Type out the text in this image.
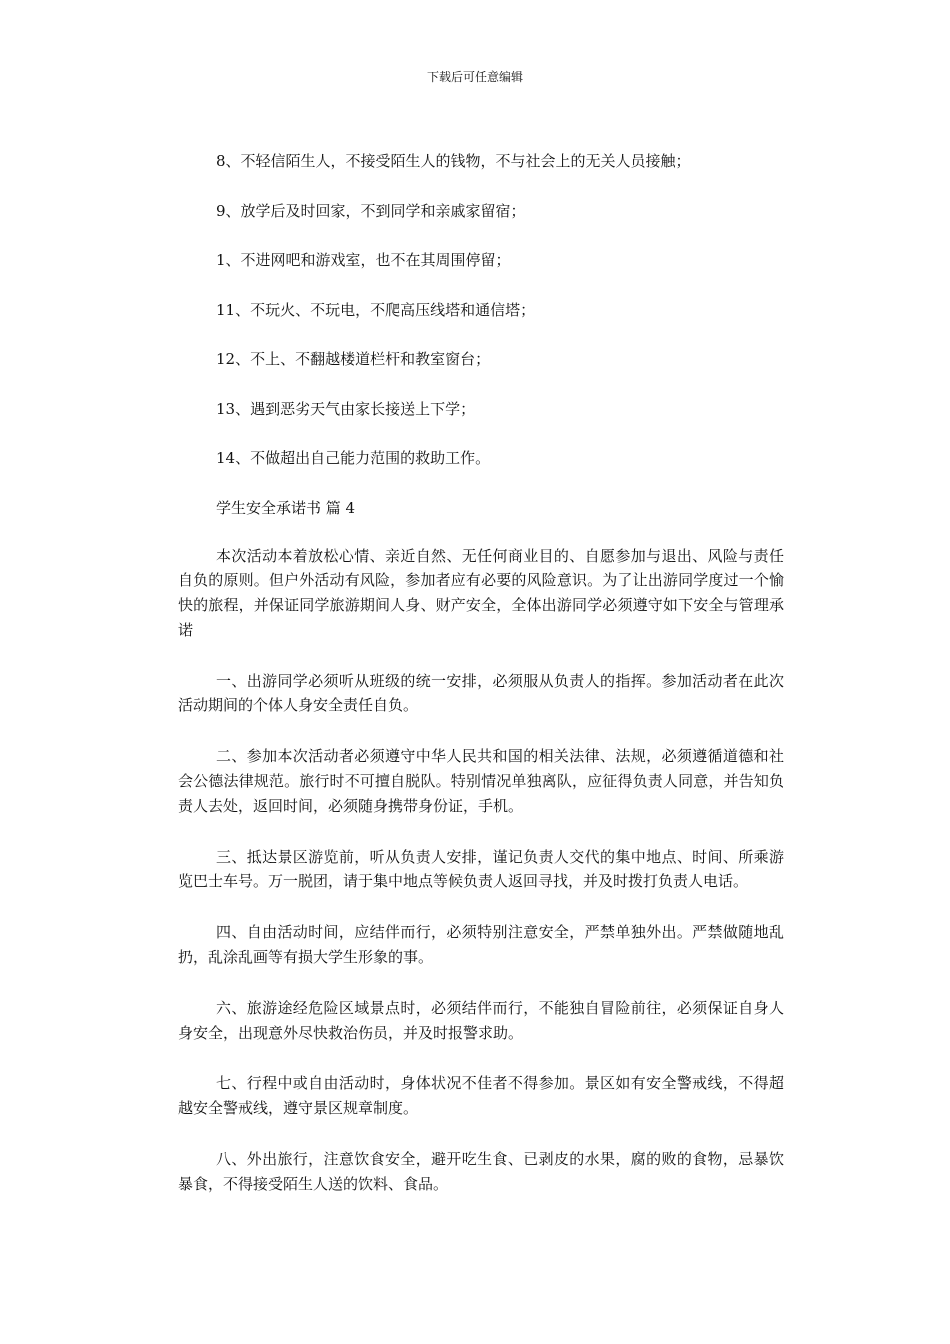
下载后可任意编辑

8、不轻信陌生人，不接受陌生人的钱物，不与社会上的无关人员接触；

9、放学后及时回家，不到同学和亲戚家留宿；

1、不进网吧和游戏室，也不在其周围停留；

11、不玩火、不玩电，不爬高压线塔和通信塔；

12、不上、不翻越楼道栏杆和教室窗台；

13、遇到恶劣天气由家长接送上下学；

14、不做超出自己能力范围的救助工作。

学生安全承诺书 篇 4

本次活动本着放松心情、亲近自然、无任何商业目的、自愿参加与退出、风险与责任自负的原则。但户外活动有风险，参加者应有必要的风险意识。为了让出游同学度过一个愉快的旅程，并保证同学旅游期间人身、财产安全，全体出游同学必须遵守如下安全与管理承诺

一、出游同学必须听从班级的统一安排，必须服从负责人的指挥。参加活动者在此次活动期间的个体人身安全责任自负。

二、参加本次活动者必须遵守中华人民共和国的相关法律、法规，必须遵循道德和社会公德法律规范。旅行时不可擅自脱队。特别情况单独离队，应征得负责人同意，并告知负责人去处，返回时间，必须随身携带身份证，手机。

三、抵达景区游览前，听从负责人安排，谨记负责人交代的集中地点、时间、所乘游览巴士车号。万一脱团，请于集中地点等候负责人返回寻找，并及时拨打负责人电话。

四、自由活动时间，应结伴而行，必须特别注意安全，严禁单独外出。严禁做随地乱扔，乱涂乱画等有损大学生形象的事。

六、旅游途经危险区域景点时，必须结伴而行，不能独自冒险前往，必须保证自身人身安全，出现意外尽快救治伤员，并及时报警求助。

七、行程中或自由活动时，身体状况不佳者不得参加。景区如有安全警戒线，不得超越安全警戒线，遵守景区规章制度。

八、外出旅行，注意饮食安全，避开吃生食、已剥皮的水果，腐的败的食物，忌暴饮暴食，不得接受陌生人送的饮料、食品。
